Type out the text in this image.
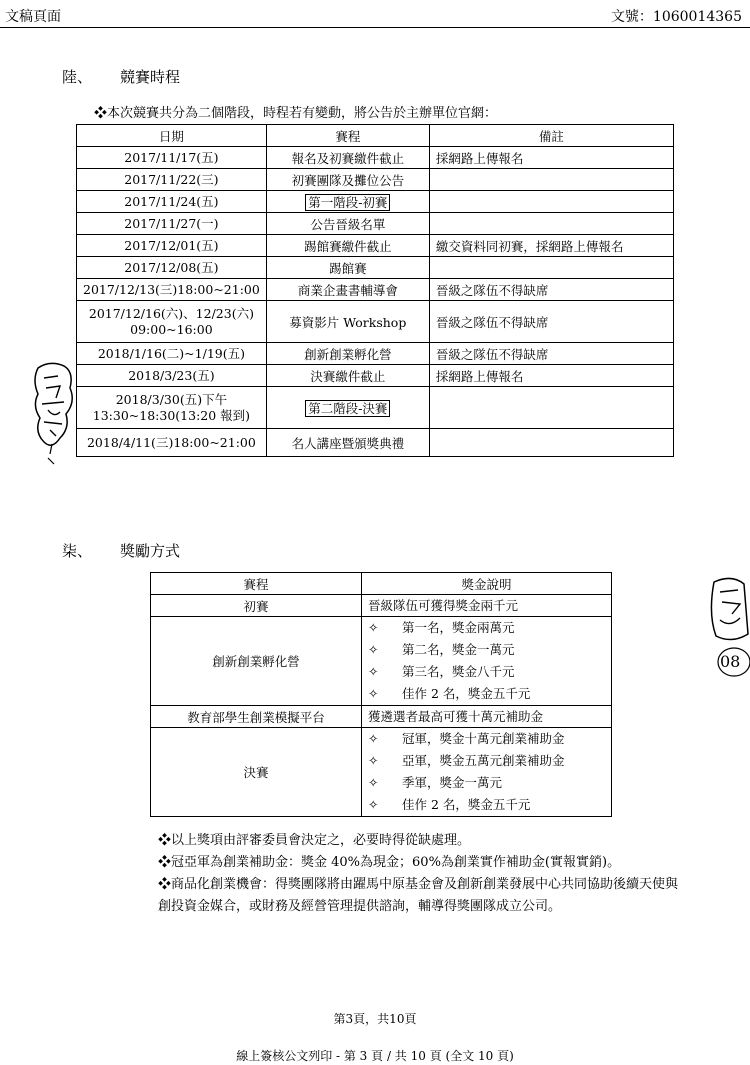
文稿頁面	文號：1060014365
陸、 競賽時程
❖本次競賽共分為二個階段，時程若有變動，將公告於主辦單位官網：
日期	賽程	備註
2017/11/17(五)	報名及初賽繳件截止	採網路上傳報名
2017/11/22(三)	初賽團隊及攤位公告	
2017/11/24(五)	第一階段-初賽	
2017/11/27(一)	公告晉級名單	
2017/12/01(五)	踢館賽繳件截止	繳交資料同初賽，採網路上傳報名
2017/12/08(五)	踢館賽	
2017/12/13(三)18:00~21:00	商業企畫書輔導會	晉級之隊伍不得缺席

2017/12/16(六)、12/23(六)
09:00~16:00	募資影片 Workshop	晉級之隊伍不得缺席
2018/1/16(二)~1/19(五)	創新創業孵化營	晉級之隊伍不得缺席
2018/3/23(五)	決賽繳件截止	採網路上傳報名

2018/3/30(五)下午
13:30~18:30(13:20 報到)	第二階段-決賽	
2018/4/11(三)18:00~21:00	名人講座暨頒獎典禮	
柒、 獎勵方式
賽程	獎金說明
初賽	晉級隊伍可獲得獎金兩千元

創新創業孵化營	✧ 第一名，獎金兩萬元
✧ 第二名，獎金一萬元
✧ 第三名，獎金八千元
✧ 佳作 2 名，獎金五千元

教育部學生創業模擬平台	獲遴選者最高可獲十萬元補助金

決賽	✧ 冠軍，獎金十萬元創業補助金
✧ 亞軍，獎金五萬元創業補助金
✧ 季軍，獎金一萬元
✧ 佳作 2 名，獎金五千元

❖以上獎項由評審委員會決定之，必要時得從缺處理。

❖冠亞軍為創業補助金：獎金 40%為現金；60%為創業實作補助金(實報實銷)。

❖商品化創業機會：得獎團隊將由躍馬中原基金會及創新創業發展中心共同協助後續天使與創投資金媒合，或財務及經營管理提供諮詢，輔導得獎團隊成立公司。

第3頁，共10頁
線上簽核公文列印 - 第 3 頁 / 共 10 頁 (全文 10 頁)
08
